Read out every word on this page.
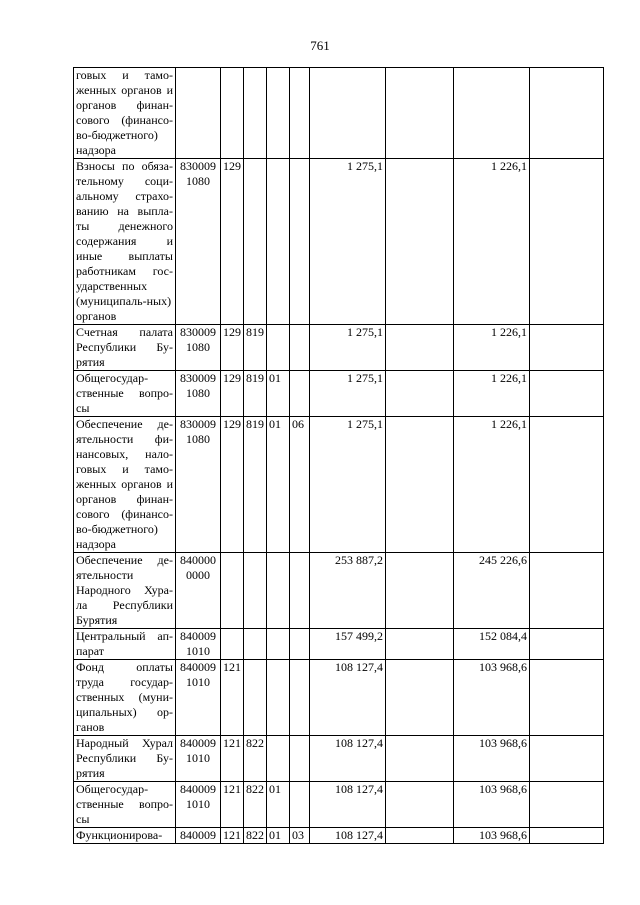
761
говых и тамо-женных органов и органов финан-сового (финансо-во-бюджетного) надзора									
Взносы по обяза-тельному соци-альному страхо-ванию на выпла-ты денежного содержания и иные выплаты работникам гос-ударственных (муниципаль-ных) органов	830009 1080	129				1 275,1		1 226,1	
Счетная палата Республики Бу-рятия	830009 1080	129	819			1 275,1		1 226,1	
Общегосудар-ственные вопро-сы	830009 1080	129	819	01		1 275,1		1 226,1	
Обеспечение де-ятельности фи-нансовых, нало-говых и тамо-женных органов и органов финан-сового (финансо-во-бюджетного) надзора	830009 1080	129	819	01	06	1 275,1		1 226,1	
Обеспечение де-ятельности Народного Хура-ла Республики Бурятия	840000 0000					253 887,2		245 226,6	
Центральный ап-парат	840009 1010					157 499,2		152 084,4	
Фонд оплаты труда государ-ственных (муни-ципальных) ор-ганов	840009 1010	121				108 127,4		103 968,6	
Народный Хурал Республики Бу-рятия	840009 1010	121	822			108 127,4		103 968,6	
Общегосудар-ственные вопро-сы	840009 1010	121	822	01		108 127,4		103 968,6	
Функционирова-	840009	121	822	01	03	108 127,4		103 968,6	
